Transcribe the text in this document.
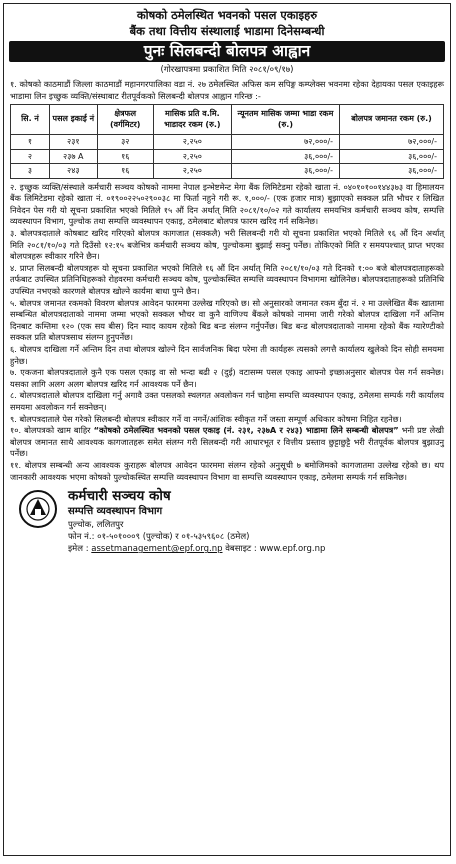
कोषको ठमेलस्थित भवनको पसल एकाइहरु
बैंक तथा वित्तीय संस्थालाई भाडामा दिनेसम्बन्धी
पुनः सिलबन्दी बोलपत्र आह्वान
(गोरखापत्रमा प्रकाशित मिति २०८१/०९/१७)
१. कोषको काठमाडौं जिल्ला काठमाडौं महानगरपालिका वडा नं. २७ ठमेलस्थित अफिस कम सपिङ्ग कम्प्लेक्स भवनमा रहेका देहायका पसल एकाइहरू भाडामा लिन इच्छुक व्यक्ति/संस्थाबाट रीतपूर्वकको सिलबन्दी बोलपत्र आह्वान गरिन्छ :-
सि. नं	पसल इकाई नं	क्षेत्रफल (वर्गमिटर)	मासिक प्रति व.मि. भाडादर रकम (रु.)	न्यूनतम मासिक जम्मा भाडा रकम (रु.)	बोलपत्र जमानत रकम (रु.)
१	२३१	३२	२,२५०	७२,०००/-	७२,०००/-
२	२३७ A	१६	२,२५०	३६,०००/-	३६,०००/-
३	२४३	१६	२,२५०	३६,०००/-	३६,०००/-
२. इच्छुक व्यक्ति/संस्थाले कर्मचारी सञ्चय कोषको नाममा नेपाल इन्भेष्टमेन्ट मेगा बैंक लिमिटेडमा रहेको खाता नं. ०४०१०१००१४४३७३ वा हिमालयन बैंक लिमिटेडमा रहेको खाता नं. ०१९००२२५०२९००३८ मा फिर्ता नहुने गरी रू. १,०००/- (एक हजार मात्र) बुझाएको सक्कल प्रति भौचर र लिखित निवेदन पेस गरी यो सूचना प्रकाशित भएको मितिले १५ औं दिन अर्थात् मिति २०८१/१०/०२ गते कार्यालय समयभित्र कर्मचारी सञ्चय कोष, सम्पत्ति व्यवस्थापन विभाग, पुल्चोक तथा सम्पत्ति व्यवस्थापन एकाइ, ठमेलबाट बोलपत्र फारम खरिद गर्न सकिनेछ।
३. बोलपत्रदाताले कोषबाट खरिद गरिएको बोलपत्र कागजात (सक्कलै) भरी सिलबन्दी गरी यो सूचना प्रकाशित भएको मितिले १६ औं दिन अर्थात् मिति २०८१/१०/०३ गते दिउँसो १२:१५ बजेभित्र कर्मचारी सञ्चय कोष, पुल्चोकमा बुझाई सक्नु पर्नेछ। तोकिएको मिति र समयपश्चात् प्राप्त भएका बोलपत्रहरू स्वीकार गरिने छैन।
४. प्राप्त सिलबन्दी बोलपत्रहरू यो सूचना प्रकाशित भएको मितिले १६ औं दिन अर्थात् मिति २०८१/१०/०३ गते दिनको १:०० बजे बोलपत्रदाताहरूको तर्फबाट उपस्थित प्रतिनिधिहरूको रोहवरमा कर्मचारी सञ्चय कोष, पुल्चोकस्थित सम्पत्ति व्यवस्थापन विभागमा खोलिनेछ। बोलपत्रदाताहरूको प्रतिनिधि उपस्थित नभएको कारणले बोलपत्र खोल्ने कार्यमा बाधा पुग्ने छैन।
५. बोलपत्र जमानत रकमको विवरण बोलपत्र आवेदन फारममा उल्लेख गरिएको छ। सो अनुसारको जमानत रकम बुँदा नं. २ मा उल्लेखित बैंक खातामा सम्बन्धित बोलपत्रदाताको नाममा जम्मा भएको सक्कल भौचर वा कुनै वाणिज्य बैंकले कोषको नाममा जारी गरेको बोलपत्र दाखिला गर्ने अन्तिम दिनबाट कम्तिमा १२० (एक सय बीस) दिन म्याद कायम रहेको बिड बन्ड संलग्न गर्नुपर्नेछ। बिड बन्ड बोलपत्रदाताको नाममा रहेको बैंक ग्यारेण्टीको सक्कल प्रति बोलपत्रसाथ संलग्न हुनुपर्नेछ।
६. बोलपत्र दाखिला गर्ने अन्तिम दिन तथा बोलपत्र खोल्ने दिन सार्वजनिक बिदा परेमा ती कार्यहरू त्यसको लगत्तै कार्यालय खुलेको दिन सोही समयमा हुनेछ।
७. एकजना बोलपत्रदाताले कुनै एक पसल एकाइ वा सो भन्दा बढी २ (दुई) वटासम्म पसल एकाइ आफ्नो इच्छाअनुसार बोलपत्र पेस गर्न सक्नेछ। यसका लागि अलग अलग बोलपत्र खरिद गर्न आवश्यक पर्ने छैन।
८. बोलपत्रदाताले बोलपत्र दाखिला गर्नु अगावै उक्त पसलको स्थलगत अवलोकन गर्न चाहेमा सम्पत्ति व्यवस्थापन एकाइ, ठमेलमा सम्पर्क गरी कार्यालय समयमा अवलोकन गर्न सक्नेछन्।
९. बोलपत्रदाताले पेस गरेको सिलबन्दी बोलपत्र स्वीकार गर्ने वा नगर्ने/आंशिक स्वीकृत गर्ने जस्ता सम्पूर्ण अधिकार कोषमा निहित रहनेछ।
१०. बोलपत्रको खाम बाहिर “कोषको ठमेलस्थित भवनको पसल एकाइ (नं. २३१, २३७A र २४३) भाडामा लिने सम्बन्धी बोलपत्र” भनी प्रष्ट लेखी बोलपत्र जमानत साथै आवश्यक कागजातहरू समेत संलग्न गरी सिलबन्दी गरी आधारभूत र वित्तीय प्रस्ताव छुट्टाछुट्टै भरी रीतपूर्वक बोलपत्र बुझाउनु पर्नेछ।
११. बोलपत्र सम्बन्धी अन्य आवश्यक कुराहरू बोलपत्र आवेदन फारममा संलग्न रहेको अनुसूची ७ बमोजिमको कागजातमा उल्लेख रहेको छ। थप जानकारी आवश्यक भएमा कोषको पुल्चोकस्थित सम्पत्ति व्यवस्थापन विभाग वा सम्पत्ति व्यवस्थापन एकाइ, ठमेलमा सम्पर्क गर्न सकिनेछ।
कर्मचारी सञ्चय कोष
सम्पत्ति व्यवस्थापन विभाग
पुल्चोक, ललितपुर
फोन नं.: ०१-५०१०००९ (पुल्चोक) र ०१-५३५९६०८ (ठमेल)
इमेल : assetmanagement@epf.org.np वेबसाइट : www.epf.org.np
